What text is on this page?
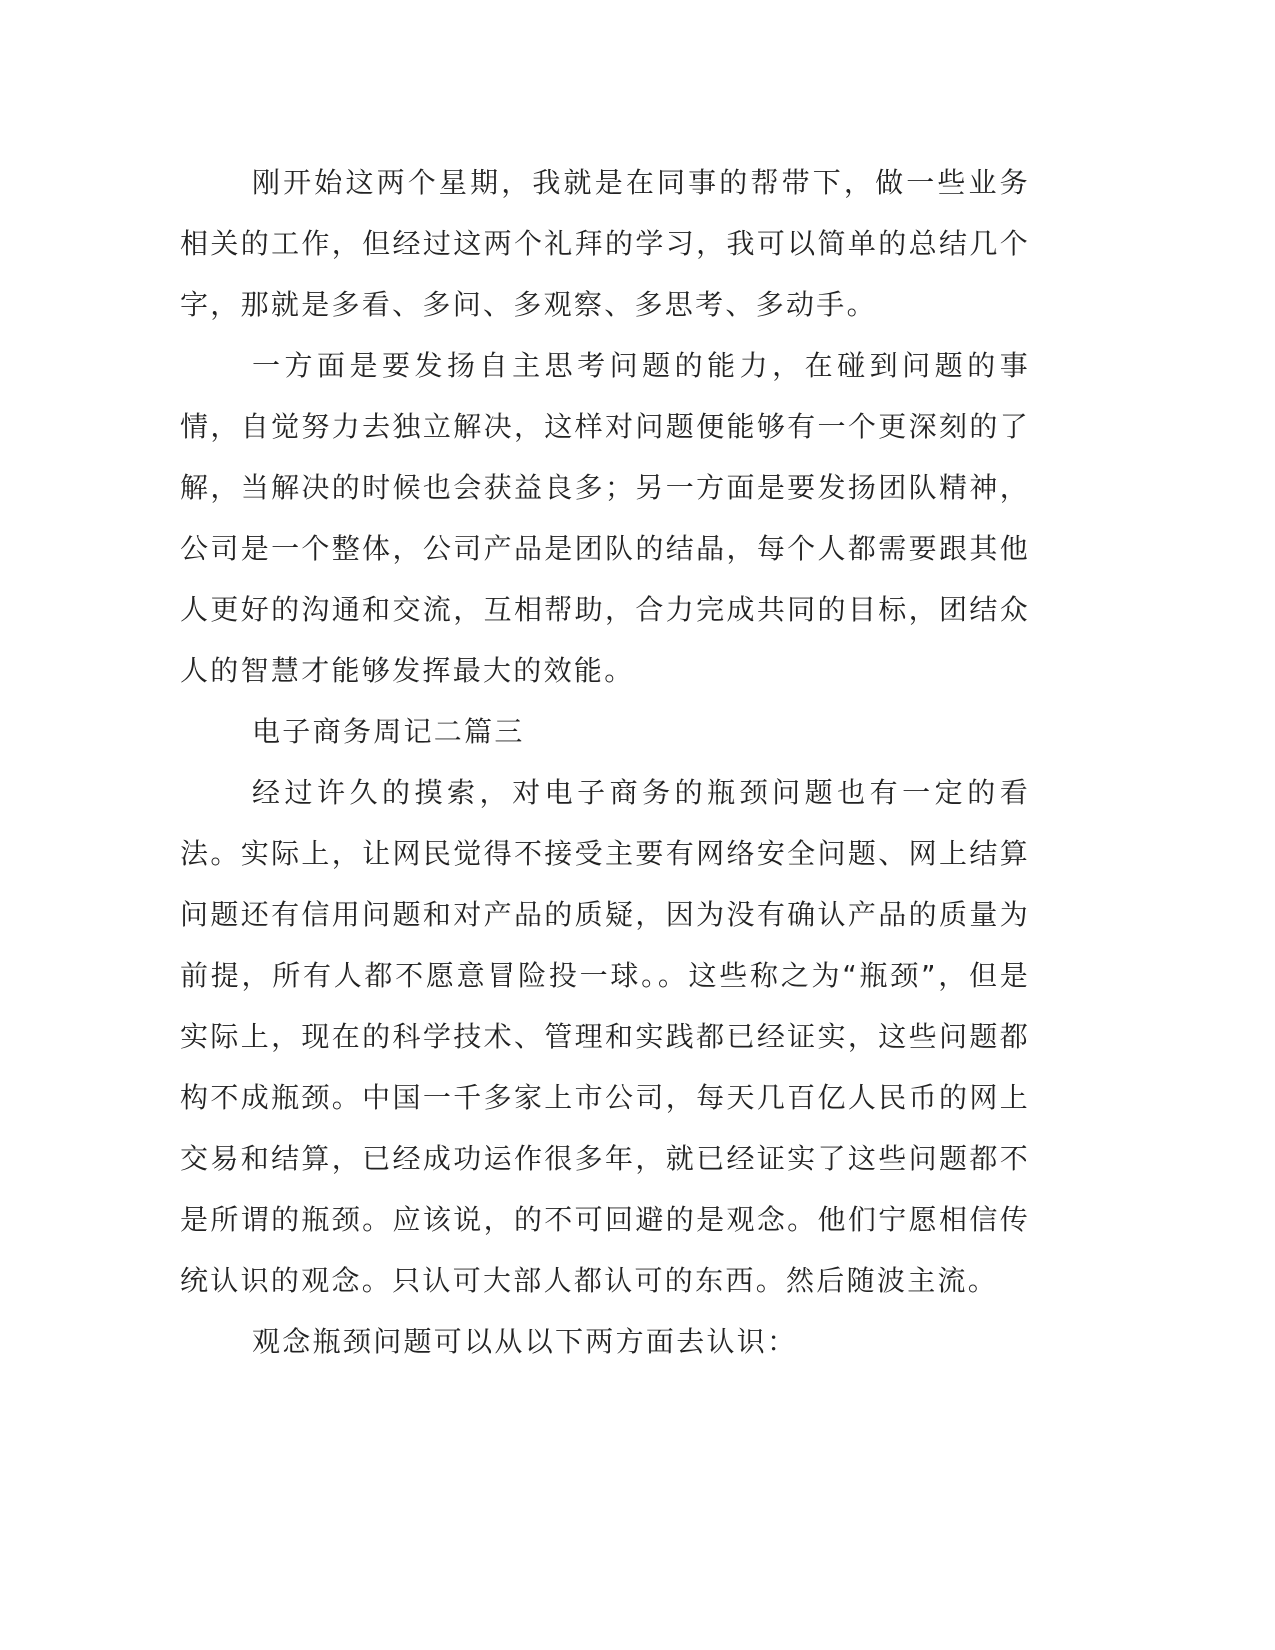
刚开始这两个星期，我就是在同事的帮带下，做一些业务相关的工作，但经过这两个礼拜的学习，我可以简单的总结几个字，那就是多看、多问、多观察、多思考、多动手。

一方面是要发扬自主思考问题的能力，在碰到问题的事情，自觉努力去独立解决，这样对问题便能够有一个更深刻的了解，当解决的时候也会获益良多；另一方面是要发扬团队精神，公司是一个整体，公司产品是团队的结晶，每个人都需要跟其他人更好的沟通和交流，互相帮助，合力完成共同的目标，团结众人的智慧才能够发挥最大的效能。

电子商务周记二篇三

经过许久的摸索，对电子商务的瓶颈问题也有一定的看法。实际上，让网民觉得不接受主要有网络安全问题、网上结算问题还有信用问题和对产品的质疑，因为没有确认产品的质量为前提，所有人都不愿意冒险投一球。。这些称之为“瓶颈”，但是实际上，现在的科学技术、管理和实践都已经证实，这些问题都构不成瓶颈。中国一千多家上市公司，每天几百亿人民币的网上交易和结算，已经成功运作很多年，就已经证实了这些问题都不是所谓的瓶颈。应该说，的不可回避的是观念。他们宁愿相信传统认识的观念。只认可大部人都认可的东西。然后随波主流。

观念瓶颈问题可以从以下两方面去认识：
